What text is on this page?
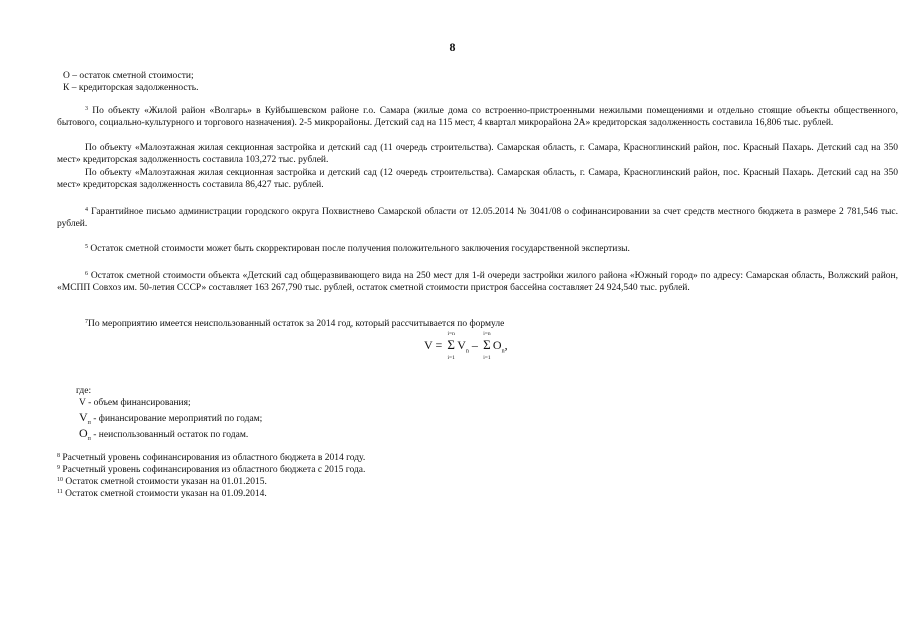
8
О – остаток сметной стоимости;
К – кредиторская задолженность.
$^3$ По объекту «Жилой район «Волгарь» в Куйбышевском районе г.о. Самара (жилые дома со встроенно-пристроенными нежилыми помещениями и отдельно стоящие объекты общественного, бытового, социально-культурного и торгового назначения). 2-5 микрорайоны. Детский сад на 115 мест, 4 квартал микрорайона 2А» кредиторская задолженность составила 16,806 тыс. рублей.
По объекту «Малоэтажная жилая секционная застройка и детский сад (11 очередь строительства). Самарская область, г. Самара, Красноглинский район, пос. Красный Пахарь. Детский сад на 350 мест» кредиторская задолженность составила 103,272 тыс. рублей.
По объекту «Малоэтажная жилая секционная застройка и детский сад (12 очередь строительства). Самарская область, г. Самара, Красноглинский район, пос. Красный Пахарь. Детский сад на 350 мест» кредиторская задолженность составила 86,427 тыс. рублей.
$^4$ Гарантийное письмо администрации городского округа Похвистнево Самарской области от 12.05.2014 № 3041/08 о софинансировании за счет средств местного бюджета в размере 2 781,546 тыс. рублей.
$^5$ Остаток сметной стоимости может быть скорректирован после получения положительного заключения государственной экспертизы.
$^6$ Остаток сметной стоимости объекта «Детский сад общеразвивающего вида на 250 мест для 1-й очереди застройки жилого района «Южный город» по адресу: Самарская область, Волжский район, «МСПП Совхоз им. 50-летия СССР» составляет 163 267,790 тыс. рублей, остаток сметной стоимости пристроя бассейна составляет 24 924,540 тыс. рублей.
$^7$По мероприятию имеется неиспользованный остаток за 2014 год, который рассчитывается по формуле
V = Σ
i=n
i=1
$V_n$ – Σ
i=n
i=1
$O_n$,
где:
V - объем финансирования;
$V_п$ - финансирование мероприятий по годам;
$О_п$ - неиспользованный остаток по годам.
$^8$ Расчетный уровень софинансирования из областного бюджета в 2014 году.
$^9$ Расчетный уровень софинансирования из областного бюджета с 2015 года.
$^{10}$ Остаток сметной стоимости указан на 01.01.2015.
$^{11}$ Остаток сметной стоимости указан на 01.09.2014.
